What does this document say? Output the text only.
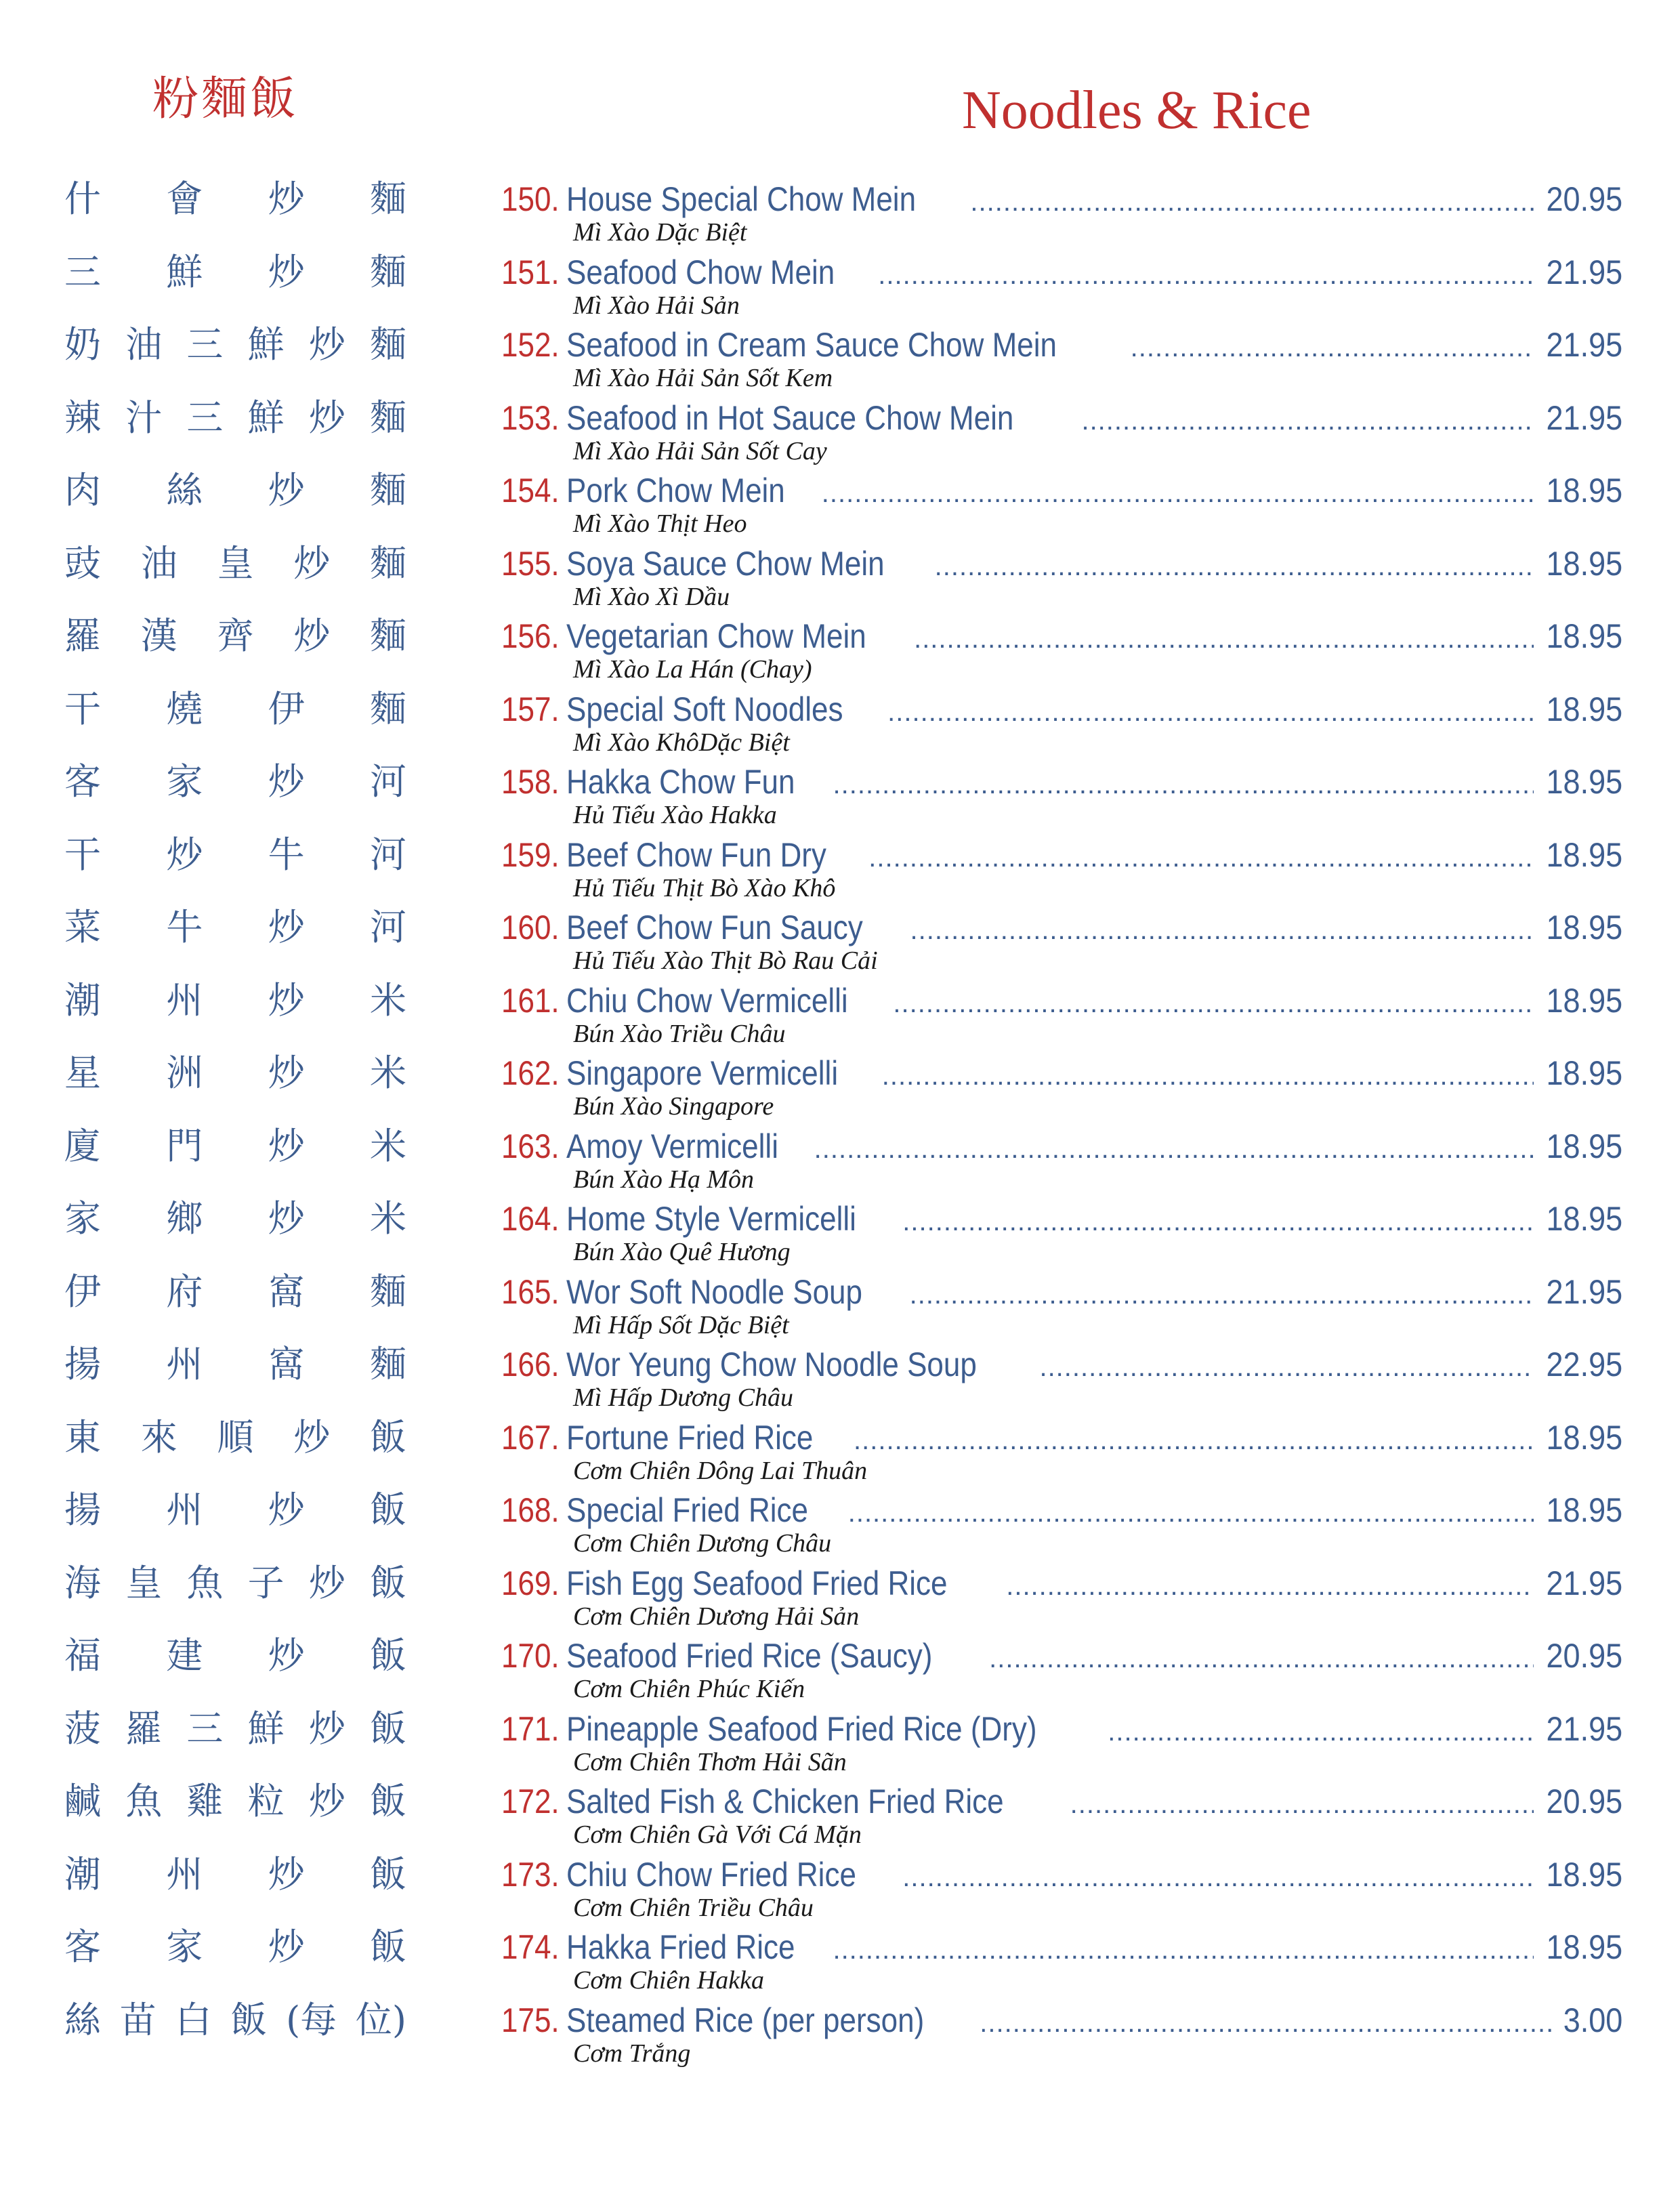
粉麵飯	Noodles & Rice
什 會 炒 麵
三 鮮 炒 麵
奶 油 三 鮮 炒 麵
辣 汁 三 鮮 炒 麵
肉 絲 炒 麵
豉 油 皇 炒 麵
羅 漢 齊 炒 麵
干 燒 伊 麵
客 家 炒 河
干 炒 牛 河
菜 牛 炒 河
潮 州 炒 米
星 洲 炒 米
廈 門 炒 米
家 鄉 炒 米
伊 府 窩 麵
揚 州 窩 麵
東 來 順 炒 飯
揚 州 炒 飯
海 皇 魚 子 炒 飯
福 建 炒 飯
菠 羅 三 鮮 炒 飯
鹹 魚 雞 粒 炒 飯
潮 州 炒 飯
客 家 炒 飯
絲 苗 白 飯 (每 位)
150. House Special Chow Mein .....	20.95
Mì Xào Dặc Biệt
151. Seafood Chow Mein .....	21.95
Mì Xào Hải Sản
152. Seafood in Cream Sauce Chow Mein .....	21.95
Mì Xào Hải Sản Sốt Kem
153. Seafood in Hot Sauce Chow Mein .....	21.95
Mì Xào Hải Sản Sốt Cay
154. Pork Chow Mein .....	18.95
Mì Xào Thịt Heo
155. Soya Sauce Chow Mein .....	18.95
Mì Xào Xì Dầu
156. Vegetarian Chow Mein .....	18.95
Mì Xào La Hán (Chay)
157. Special Soft Noodles .....	18.95
Mì Xào KhôDặc Biệt
158. Hakka Chow Fun .....	18.95
Hủ Tiếu Xào Hakka
159. Beef Chow Fun Dry .....	18.95
Hủ Tiếu Thịt Bò Xào Khô
160. Beef Chow Fun Saucy .....	18.95
Hủ Tiếu Xào Thịt Bò Rau Cải
161. Chiu Chow Vermicelli .....	18.95
Bún Xào Triều Châu
162. Singapore Vermicelli .....	18.95
Bún Xào Singapore
163. Amoy Vermicelli .....	18.95
Bún Xào Hạ Môn
164. Home Style Vermicelli .....	18.95
Bún Xào Quê Hương
165. Wor Soft Noodle Soup .....	21.95
Mì Hấp Sốt Dặc Biệt
166. Wor Yeung Chow Noodle Soup .....	22.95
Mì Hấp Dương Châu
167. Fortune Fried Rice .....	18.95
Cơm Chiên Dông Lai Thuân
168. Special Fried Rice .....	18.95
Cơm Chiên Dương Châu
169. Fish Egg Seafood Fried Rice .....	21.95
Cơm Chiên Dương Hải Sản
170. Seafood Fried Rice (Saucy) .....	20.95
Cơm Chiên Phúc Kiến
171. Pineapple Seafood Fried Rice (Dry) .....	21.95
Cơm Chiên Thơm Hải Sãn
172. Salted Fish & Chicken Fried Rice .....	20.95
Cơm Chiên Gà Với Cá Mặn
173. Chiu Chow Fried Rice .....	18.95
Cơm Chiên Triều Châu
174. Hakka Fried Rice .....	18.95
Cơm Chiên Hakka
175. Steamed Rice (per person) .....	3.00
Cơm Trắng
